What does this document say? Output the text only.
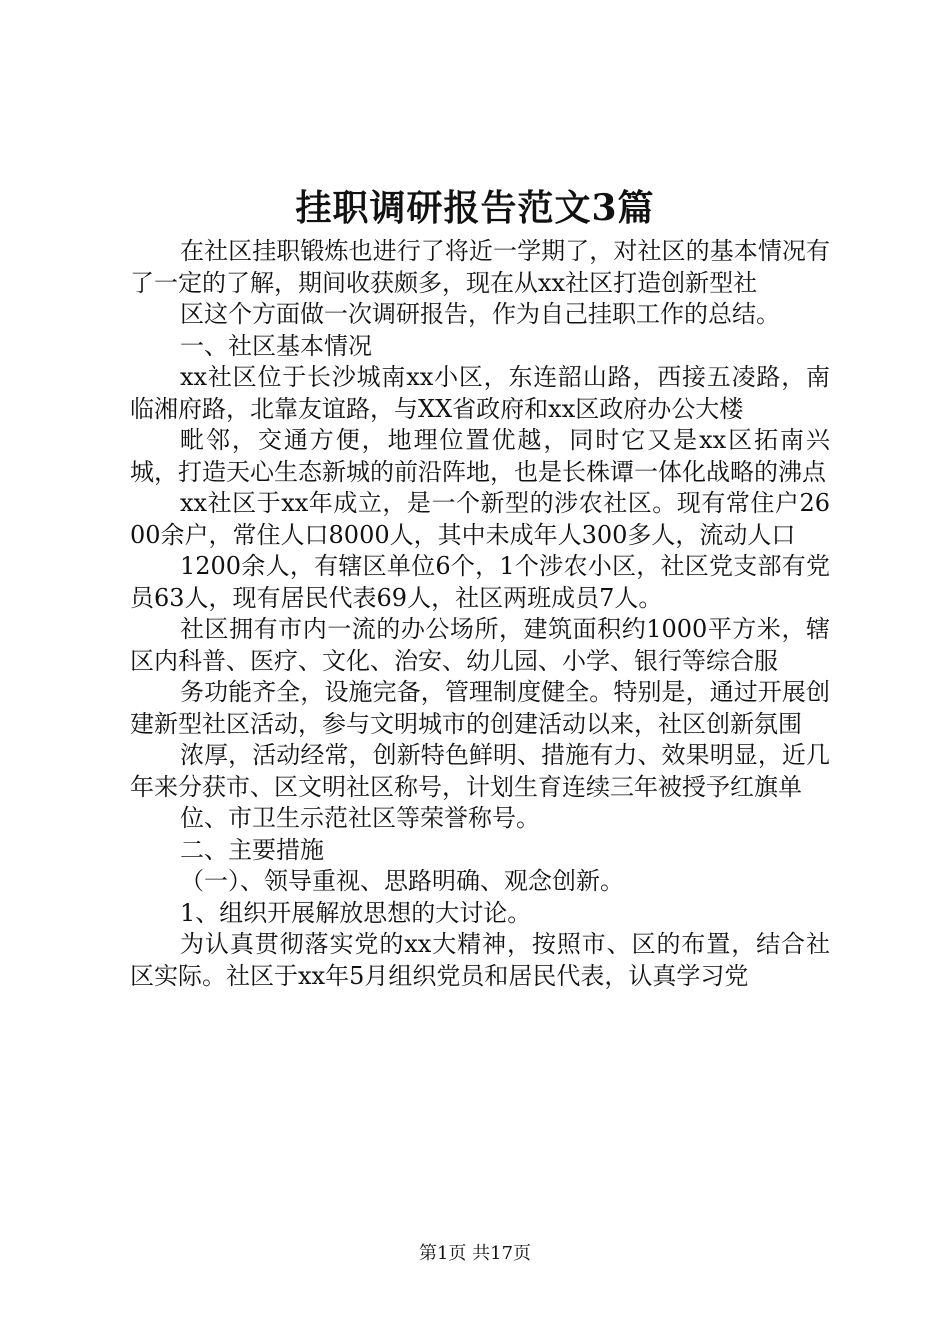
挂职调研报告范文3篇

在社区挂职锻炼也进行了将近一学期了，对社区的基本情况有了一定的了解，期间收获颇多，现在从xx社区打造创新型社

区这个方面做一次调研报告，作为自己挂职工作的总结。

一、社区基本情况

xx社区位于长沙城南xx小区，东连韶山路，西接五凌路，南临湘府路，北靠友谊路，与XX省政府和xx区政府办公大楼

毗邻，交通方便，地理位置优越，同时它又是xx区拓南兴城，打造天心生态新城的前沿阵地，也是长株谭一体化战略的沸点

xx社区于xx年成立，是一个新型的涉农社区。现有常住户2600余户，常住人口8000人，其中未成年人300多人，流动人口

1200余人，有辖区单位6个，1个涉农小区，社区党支部有党员63人，现有居民代表69人，社区两班成员7人。

社区拥有市内一流的办公场所，建筑面积约1000平方米，辖区内科普、医疗、文化、治安、幼儿园、小学、银行等综合服

务功能齐全，设施完备，管理制度健全。特别是，通过开展创建新型社区活动，参与文明城市的创建活动以来，社区创新氛围

浓厚，活动经常，创新特色鲜明、措施有力、效果明显，近几年来分获市、区文明社区称号，计划生育连续三年被授予红旗单

位、市卫生示范社区等荣誉称号。

二、主要措施

（一）、领导重视、思路明确、观念创新。

1、组织开展解放思想的大讨论。

为认真贯彻落实党的xx大精神，按照市、区的布置，结合社区实际。社区于xx年5月组织党员和居民代表，认真学习党

第1页 共17页
